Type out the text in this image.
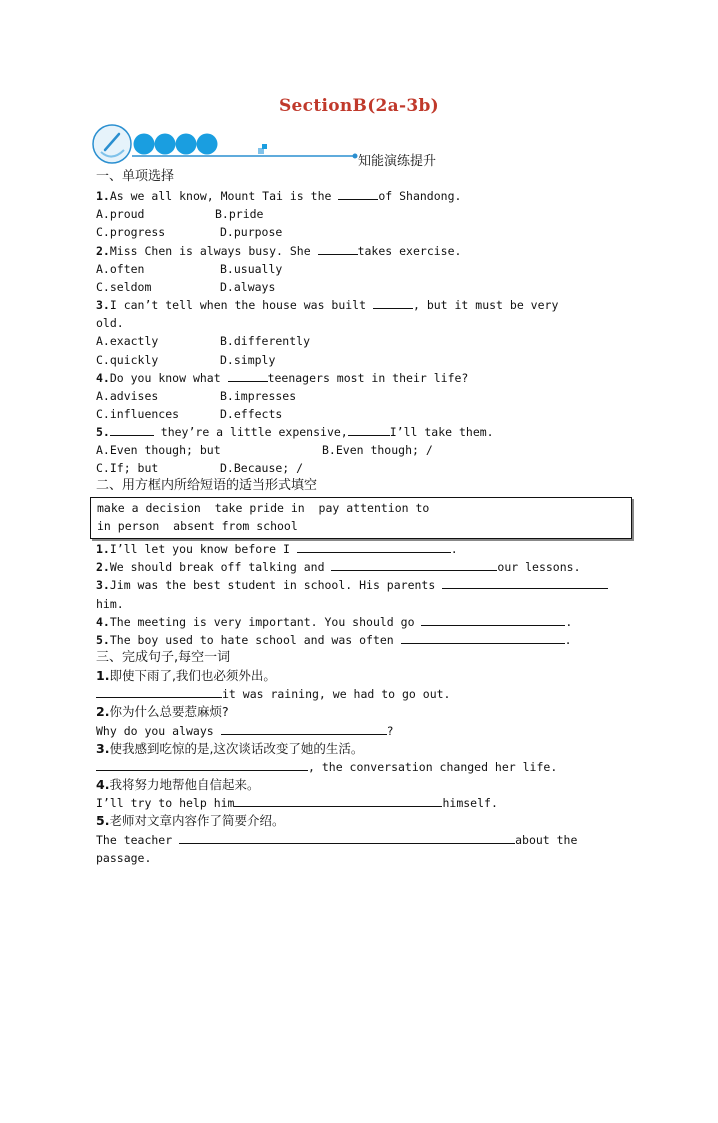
SectionB(2a-3b)
知能演练提升
一、单项选择
1.As we all know, Mount Tai is the	of Shandong.
A.proud	B.pride
C.progress	D.purpose
2.Miss Chen is always busy. She	takes exercise.
A.often	B.usually
C.seldom	D.always
3.I can’t tell when the house was built	, but it must be very
old.
A.exactly	B.differently
C.quickly	D.simply
4.Do you know what	teenagers most in their life?
A.advises	B.impresses
C.influences	D.effects
5.	they’re a little expensive,	I’ll take them.
A.Even though; but	B.Even though; /
C.If; but	D.Because; /
二、用方框内所给短语的适当形式填空
make a decision  take pride in  pay attention to
in person  absent from school
1.I’ll let you know before I	.
2.We should break off talking and	our lessons.
3.Jim was the best student in school. His parents
him.
4.The meeting is very important. You should go	.
5.The boy used to hate school and was often	.
三、完成句子,每空一词
1.即使下雨了,我们也必须外出。
it was raining, we had to go out.
2.你为什么总要惹麻烦?
Why do you always	?
3.使我感到吃惊的是,这次谈话改变了她的生活。
, the conversation changed her life.
4.我将努力地帮他自信起来。
I’ll try to help him	himself.
5.老师对文章内容作了简要介绍。
The teacher	about the
passage.
